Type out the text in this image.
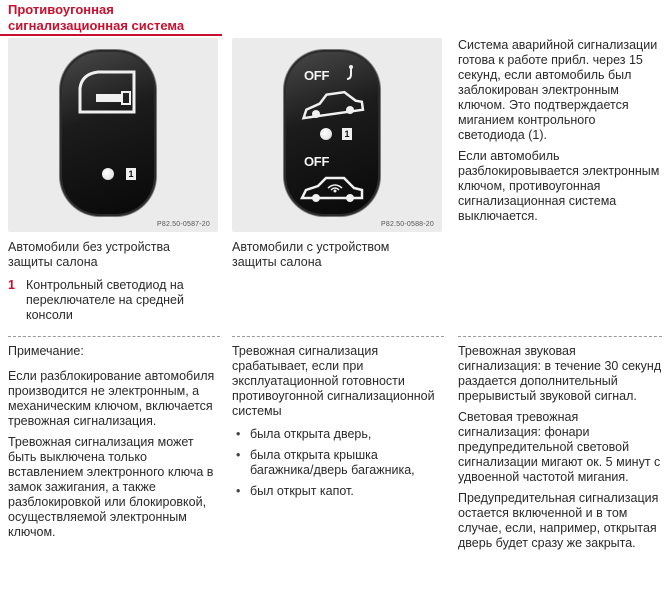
Противоугонная
сигнализационная система
1
P82.50-0587-20
OFF
1
OFF
P82.50-0588-20

Система аварийной сигнализации готова к работе прибл. через 15 секунд, если автомобиль был заблокирован электронным ключом. Это подтверждается миганием контрольного светодиода (1).

Если автомобиль разблокировывается электронным ключом, противоугонная сигнализационная система выключается.

Автомобили без устройства защиты салона
Автомобили с устройством защиты салона
1 Контрольный светодиод на переключателе на средней консоли

Примечание:

Если разблокирование автомобиля производится не электронным, а механическим ключом, включается тревожная сигнализация.

Тревожная сигнализация может быть выключена только вставлением электронного ключа в замок зажигания, а также разблокировкой или блокировкой, осуществляемой электронным ключом.

Тревожная сигнализация срабатывает, если при эксплуатационной готовности противоугонной сигнализационной системы

• была открыта дверь,
• была открыта крышка багажника/дверь багажника,
• был открыт капот.

Тревожная звуковая сигнализация: в течение 30 секунд раздается дополнительный прерывистый звуковой сигнал.

Световая тревожная сигнализация: фонари предупредительной световой сигнализации мигают ок. 5 минут с удвоенной частотой мигания.

Предупредительная сигнализация остается включенной и в том случае, если, например, открытая дверь будет сразу же закрыта.
